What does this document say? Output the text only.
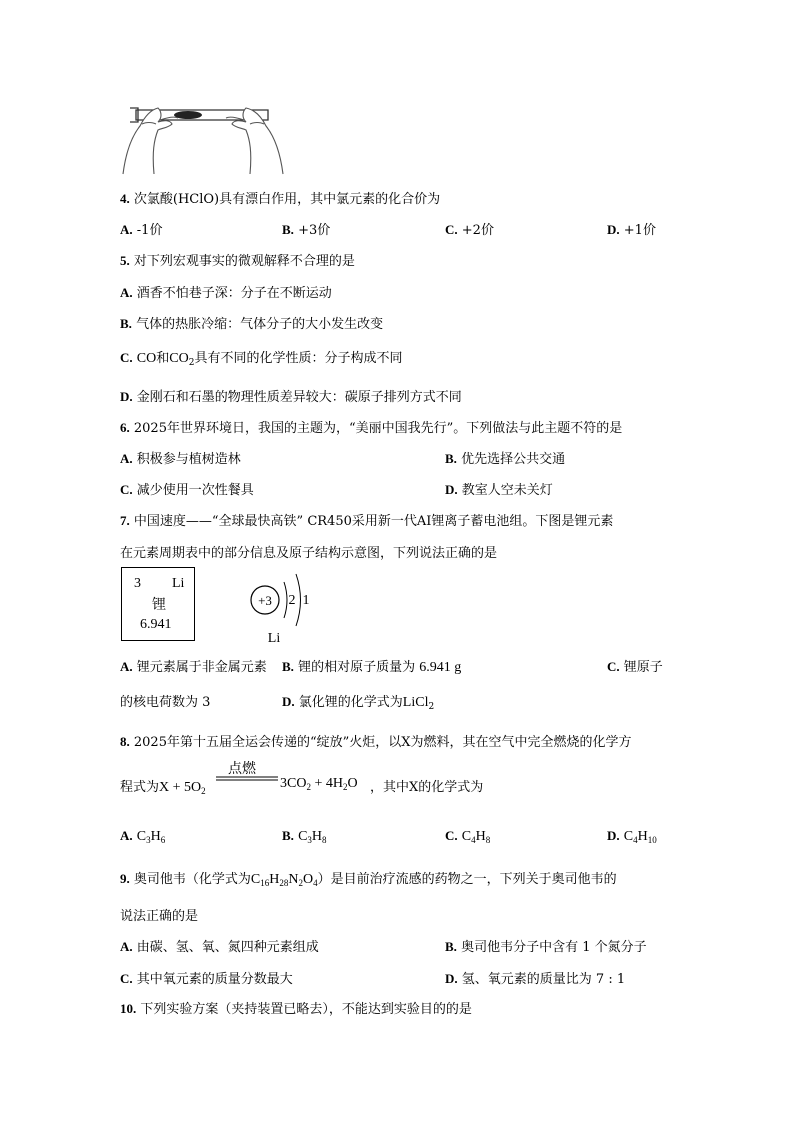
4. 次氯酸(HClO)具有漂白作用，其中氯元素的化合价为
A. -1价	B. +3价	C. +2价	D. +1价
5. 对下列宏观事实的微观解释不合理的是
A. 酒香不怕巷子深：分子在不断运动
B. 气体的热胀冷缩：气体分子的大小发生改变
C. CO和$CO_2$具有不同的化学性质：分子构成不同
D. 金刚石和石墨的物理性质差异较大：碳原子排列方式不同
6. 2025年世界环境日，我国的主题为，“美丽中国我先行”。下列做法与此主题不符的是
A. 积极参与植树造林	B. 优先选择公共交通
C. 减少使用一次性餐具	D. 教室人空未关灯
7. 中国速度——“全球最快高铁” CR450采用新一代AI锂离子蓄电池组。下图是锂元素
在元素周期表中的部分信息及原子结构示意图，下列说法正确的是
3 Li
锂
6.941
+3 2 1
Li
A. 锂元素属于非金属元素 B. 锂的相对原子质量为 6.941 g	C. 锂原子
的核电荷数为 3	D. 氯化锂的化学式为LiCl$_2$
8. 2025年第十五届全运会传递的“绽放”火炬，以X为燃料，其在空气中完全燃烧的化学方
程式为$X + 5O_2$
点燃
$3CO_2 + 4H_2O$ ，其中X的化学式为
A. $C_3H_6$	B. $C_3H_8$	C. $C_4H_8$	D. $C_4H_{10}$
9. 奥司他韦（化学式为$C_{16}H_{28}N_2O_4$）是目前治疗流感的药物之一，下列关于奥司他韦的
说法正确的是
A. 由碳、氢、氧、氮四种元素组成	B. 奥司他韦分子中含有 1 个氮分子
C. 其中氧元素的质量分数最大	D. 氢、氧元素的质量比为 7 : 1
10. 下列实验方案（夹持装置已略去），不能达到实验目的的是
